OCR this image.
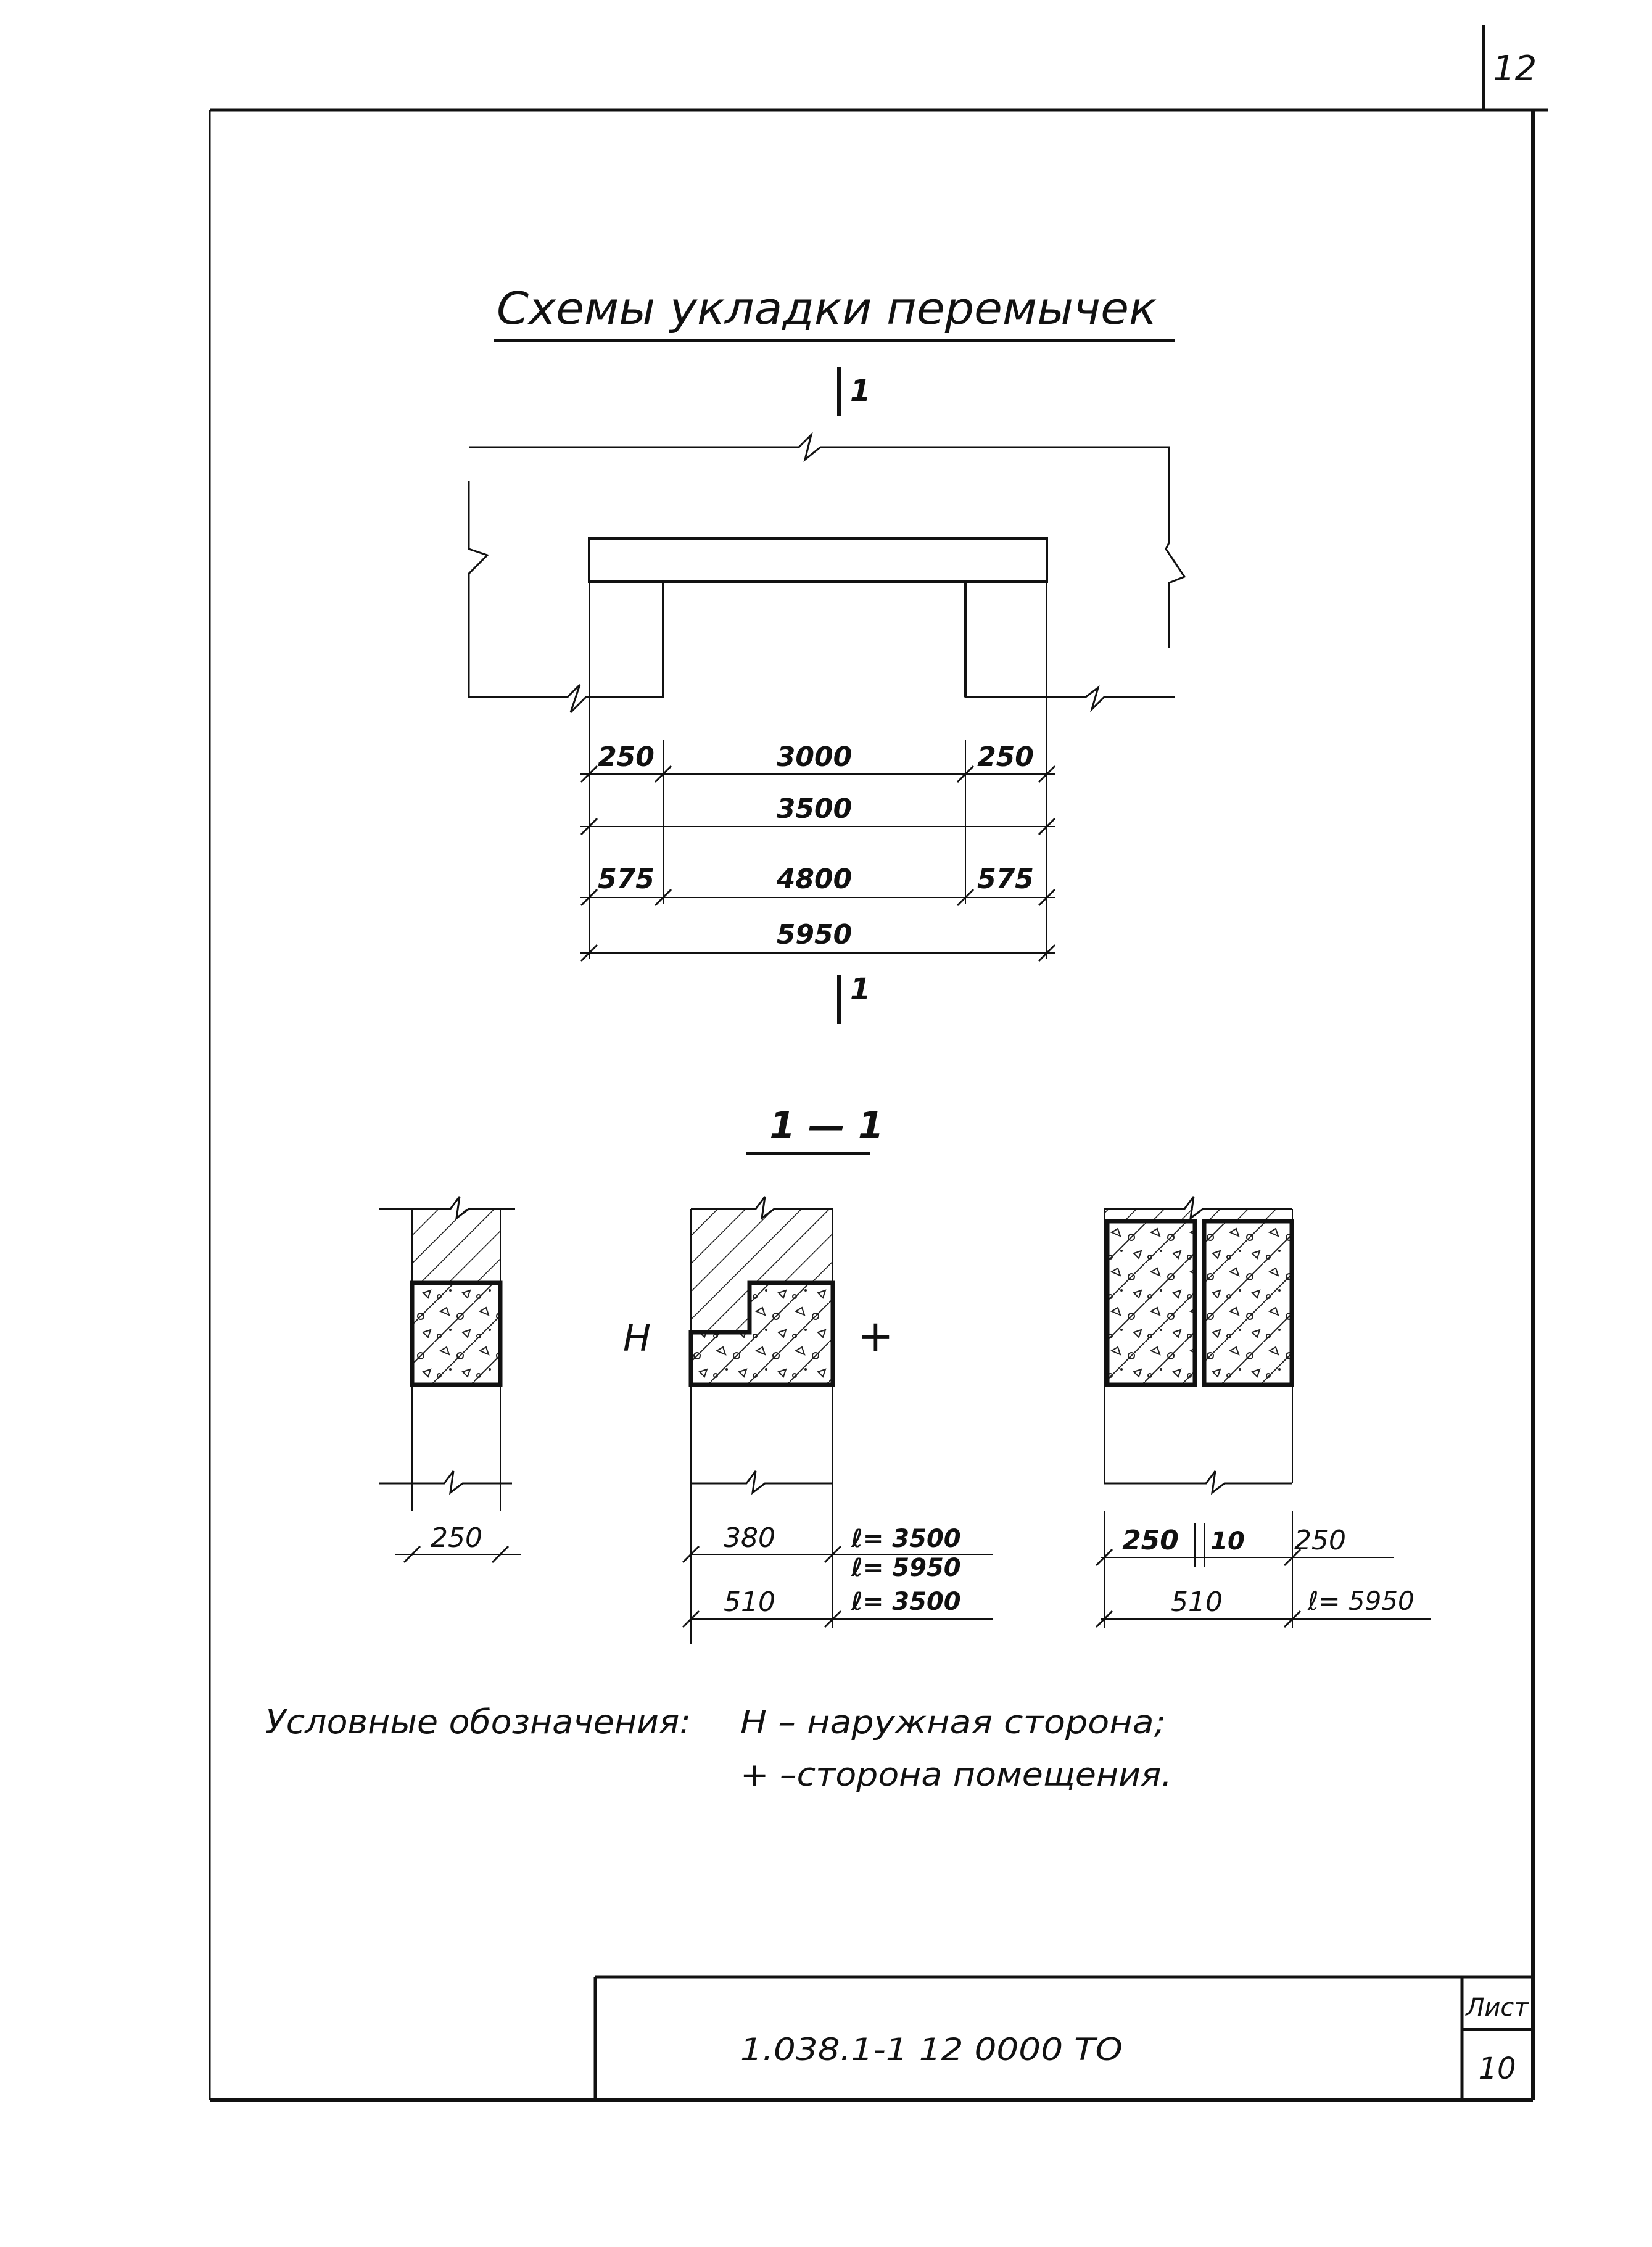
12
Схемы укладки перемычек
1
1
250	3000	250
3500
575	4800	575
5950
1 — 1
250
Н	+
380
510
ℓ= 3500
ℓ= 5950
ℓ= 3500
250 10 250
510	ℓ= 5950
Условные обозначения: Н – наружная сторона;
+ –сторона помещения.
1.038.1-1 12 0000 ТО
Лист
10
